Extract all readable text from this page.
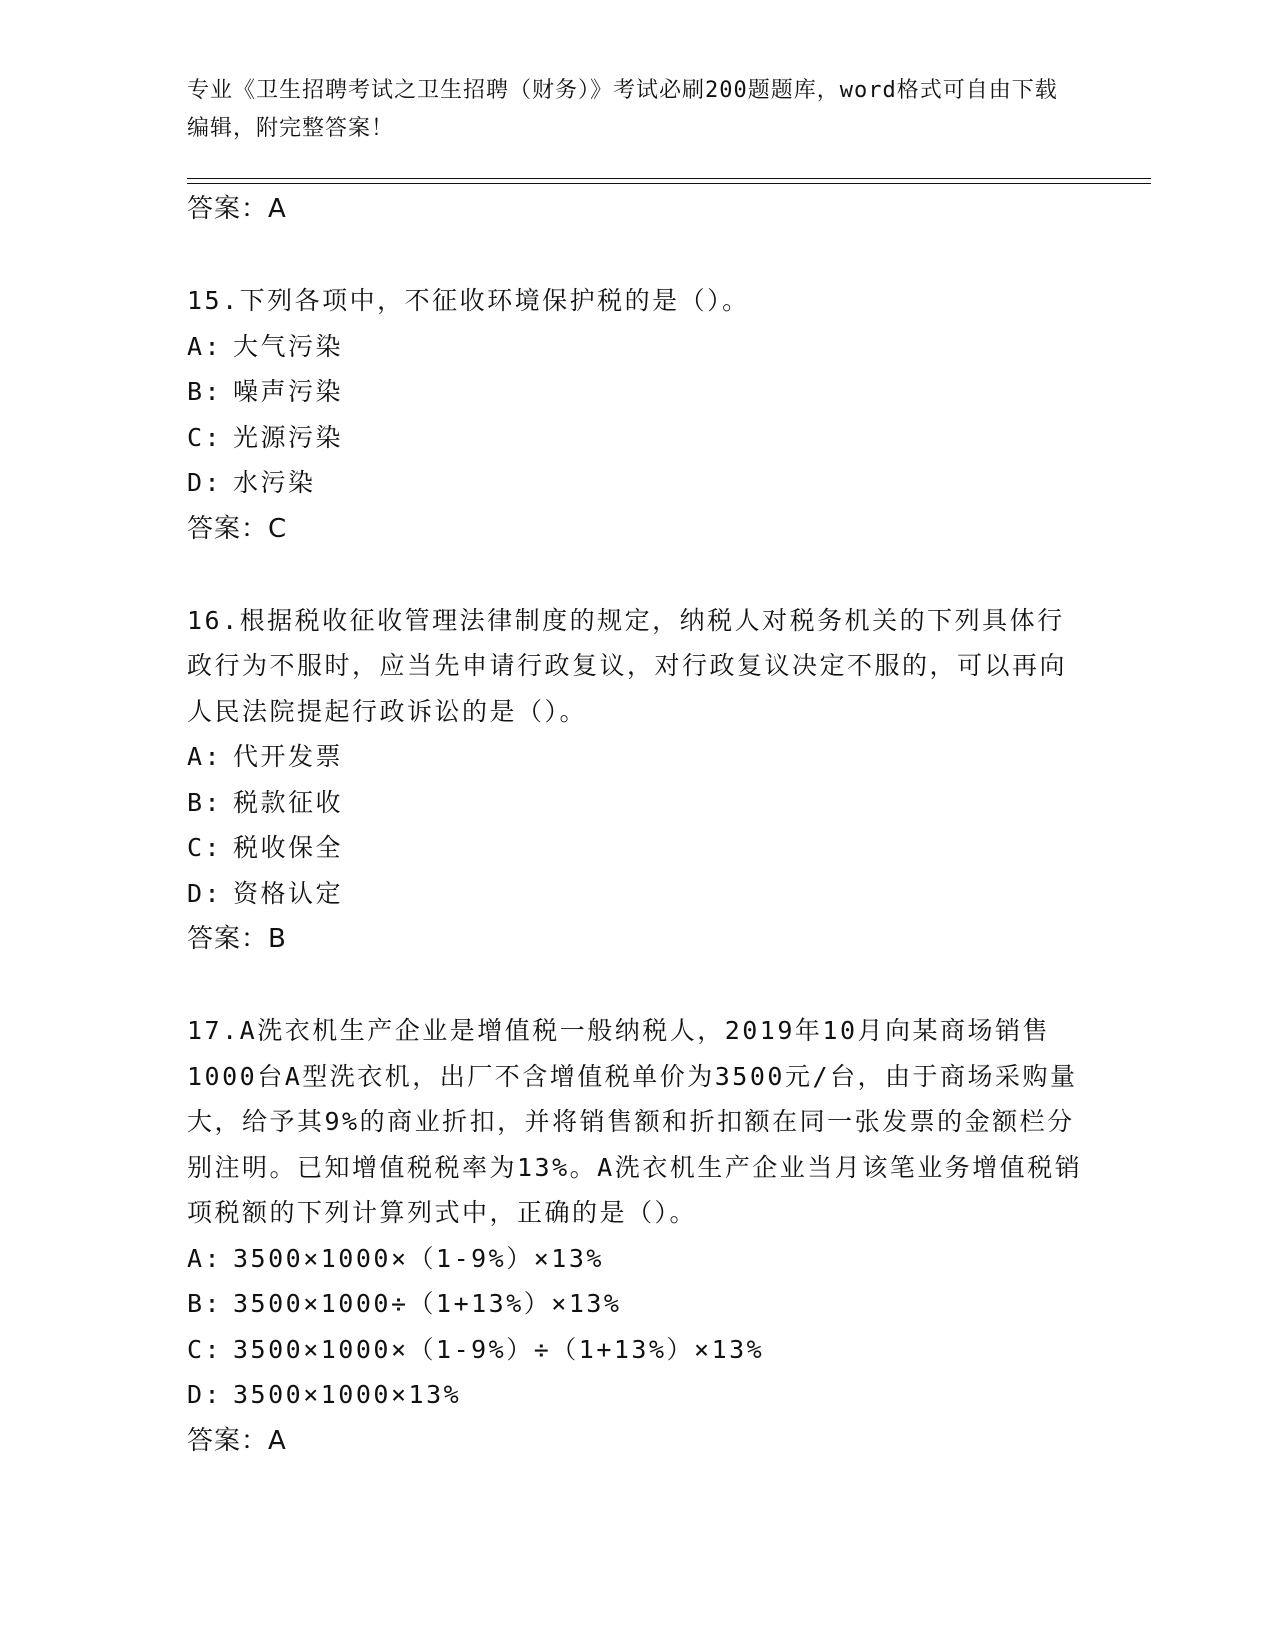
专业《卫生招聘考试之卫生招聘（财务）》考试必刷200题题库，word格式可自由下载编辑，附完整答案！
答案：A
15.下列各项中，不征收环境保护税的是（）。
A: 大气污染
B: 噪声污染
C: 光源污染
D: 水污染
答案：C
16.根据税收征收管理法律制度的规定，纳税人对税务机关的下列具体行政行为不服时，应当先申请行政复议，对行政复议决定不服的，可以再向人民法院提起行政诉讼的是（）。
A: 代开发票
B: 税款征收
C: 税收保全
D: 资格认定
答案：B
17.A洗衣机生产企业是增值税一般纳税人，2019年10月向某商场销售1000台A型洗衣机，出厂不含增值税单价为3500元/台，由于商场采购量大，给予其9%的商业折扣，并将销售额和折扣额在同一张发票的金额栏分别注明。已知增值税税率为13%。A洗衣机生产企业当月该笔业务增值税销项税额的下列计算列式中，正确的是（）。
A: 3500×1000×（1-9%）×13%
B: 3500×1000÷（1+13%）×13%
C: 3500×1000×（1-9%）÷（1+13%）×13%
D: 3500×1000×13%
答案：A
